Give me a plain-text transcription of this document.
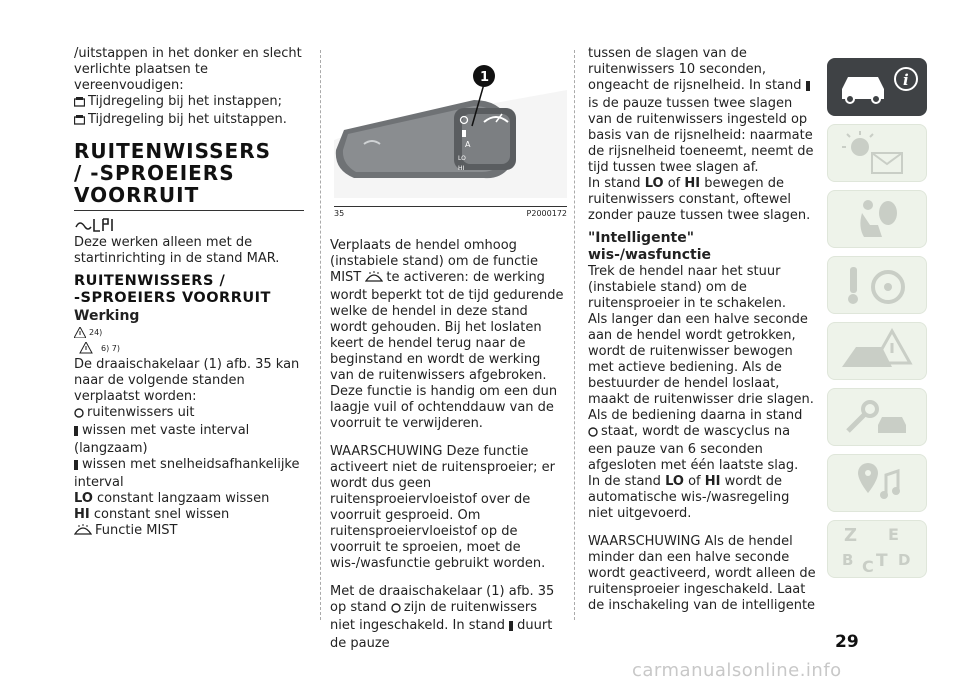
/uitstappen in het donker en slecht verlichte plaatsen te vereenvoudigen:

Tijdregeling bij het instappen;

Tijdregeling bij het uitstappen.

RUITENWISSERS
/ -SPROEIERS
VOORRUIT

Deze werken alleen met de startinrichting in de stand MAR.

RUITENWISSERS /
-SPROEIERS VOORRUIT
Werking
24)
6) 7)

De draaischakelaar (1) afb. 35 kan naar de volgende standen verplaatst worden:

ruitenwissers uit

wissen met vaste interval (langzaam)

wissen met snelheidsafhankelijke interval

LO constant langzaam wissen

HI constant snel wissen

Functie MIST

A
LO
HI
1
35	P2000172

Verplaats de hendel omhoog (instabiele stand) om de functie MIST te activeren: de werking wordt beperkt tot de tijd gedurende welke de hendel in deze stand wordt gehouden. Bij het loslaten keert de hendel terug naar de beginstand en wordt de werking van de ruitenwissers afgebroken. Deze functie is handig om een dun laagje vuil of ochtenddauw van de voorruit te verwijderen.

WAARSCHUWING Deze functie activeert niet de ruitensproeier; er wordt dus geen ruitensproeiervloeistof over de voorruit gesproeid. Om ruitensproeiervloeistof op de voorruit te sproeien, moet de wis-/wasfunctie gebruikt worden.

Met de draaischakelaar (1) afb. 35 op stand zijn de ruitenwissers niet ingeschakeld. In stand duurt de pauze

tussen de slagen van de ruitenwissers 10 seconden, ongeacht de rijsnelheid. In stand is de pauze tussen twee slagen van de ruitenwissers ingesteld op basis van de rijsnelheid: naarmate de rijsnelheid toeneemt, neemt de tijd tussen twee slagen af.

In stand LO of HI bewegen de ruitenwissers constant, oftewel zonder pauze tussen twee slagen.

"Intelligente" wis-/wasfunctie

Trek de hendel naar het stuur (instabiele stand) om de ruitensproeier in te schakelen.

Als langer dan een halve seconde aan de hendel wordt getrokken, wordt de ruitenwisser bewogen met actieve bediening. Als de bestuurder de hendel loslaat, maakt de ruitenwisser drie slagen.

Als de bediening daarna in stand staat, wordt de wascyclus na een pauze van 6 seconden afgesloten met één laatste slag.

In de stand LO of HI wordt de automatische wis-/wasregeling niet uitgevoerd.

WAARSCHUWING Als de hendel minder dan een halve seconde wordt geactiveerd, wordt alleen de ruitensproeier ingeschakeld. Laat de inschakeling van de intelligente

i
Z E
B C T D
29
carmanualsonline.info
